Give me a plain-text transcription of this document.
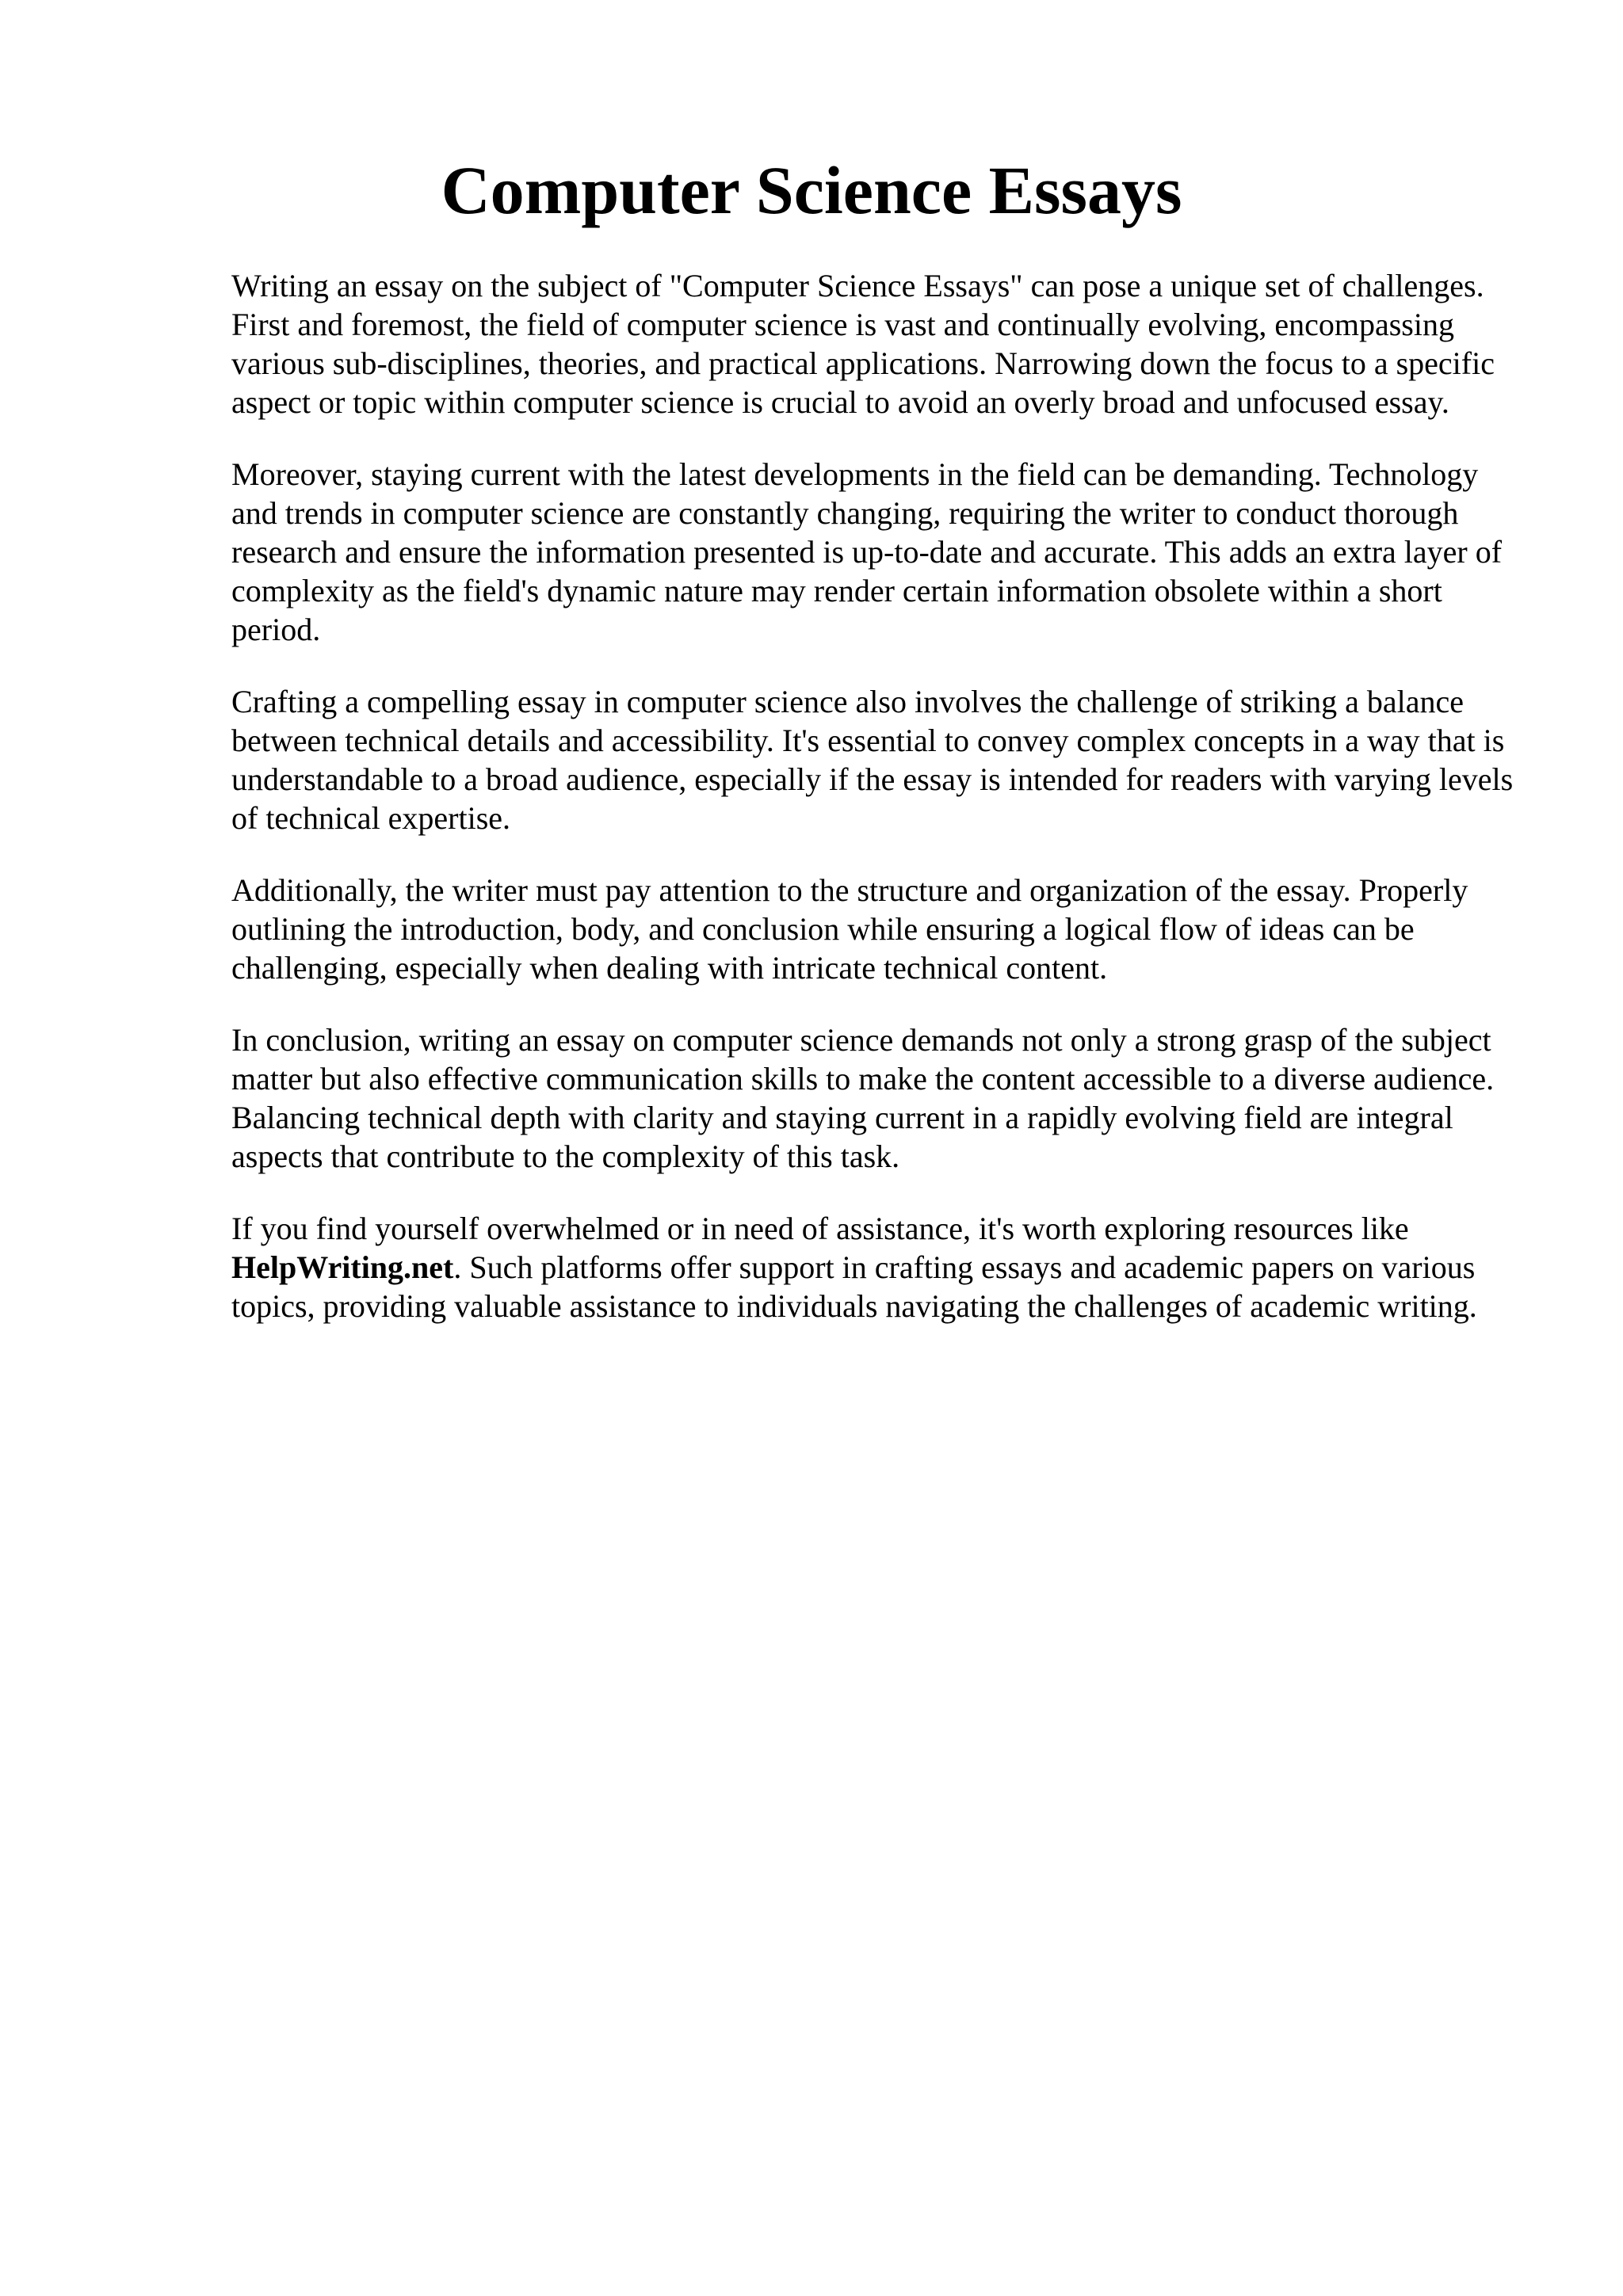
Computer Science Essays

Writing an essay on the subject of "Computer Science Essays" can pose a unique set of challenges. First and foremost, the field of computer science is vast and continually evolving, encompassing various sub-disciplines, theories, and practical applications. Narrowing down the focus to a specific aspect or topic within computer science is crucial to avoid an overly broad and unfocused essay.

Moreover, staying current with the latest developments in the field can be demanding. Technology and trends in computer science are constantly changing, requiring the writer to conduct thorough research and ensure the information presented is up-to-date and accurate. This adds an extra layer of complexity as the field's dynamic nature may render certain information obsolete within a short period.

Crafting a compelling essay in computer science also involves the challenge of striking a balance between technical details and accessibility. It's essential to convey complex concepts in a way that is understandable to a broad audience, especially if the essay is intended for readers with varying levels of technical expertise.

Additionally, the writer must pay attention to the structure and organization of the essay. Properly outlining the introduction, body, and conclusion while ensuring a logical flow of ideas can be challenging, especially when dealing with intricate technical content.

In conclusion, writing an essay on computer science demands not only a strong grasp of the subject matter but also effective communication skills to make the content accessible to a diverse audience. Balancing technical depth with clarity and staying current in a rapidly evolving field are integral aspects that contribute to the complexity of this task.

If you find yourself overwhelmed or in need of assistance, it's worth exploring resources like HelpWriting.net. Such platforms offer support in crafting essays and academic papers on various topics, providing valuable assistance to individuals navigating the challenges of academic writing.
